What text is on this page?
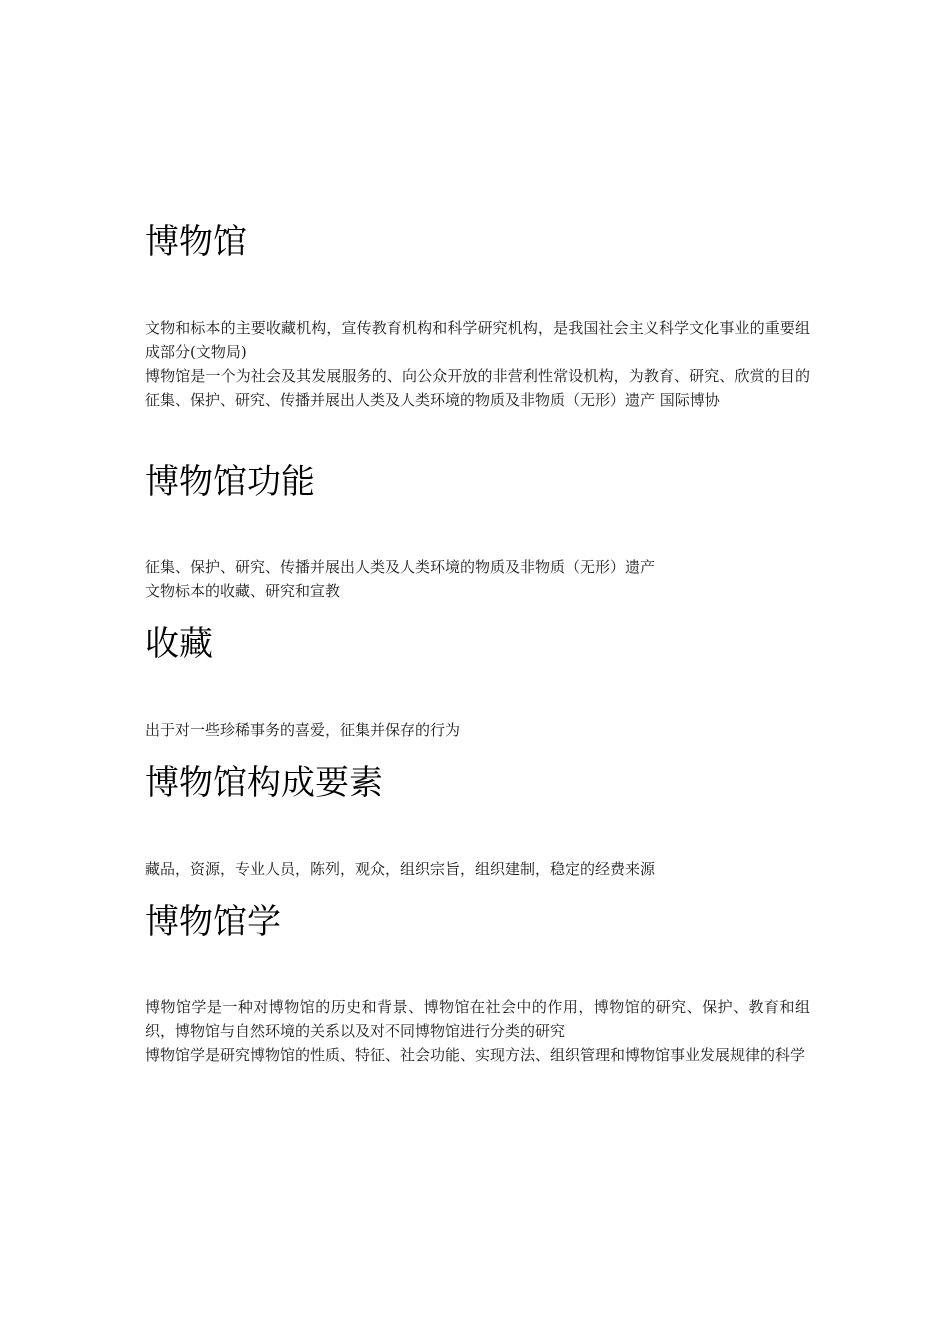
博物馆

文物和标本的主要收藏机构，宣传教育机构和科学研究机构，是我国社会主义科学文化事业的重要组成部分(文物局)

博物馆是一个为社会及其发展服务的、向公众开放的非营利性常设机构，为教育、研究、欣赏的目的征集、保护、研究、传播并展出人类及人类环境的物质及非物质（无形）遗产 国际博协

博物馆功能

征集、保护、研究、传播并展出人类及人类环境的物质及非物质（无形）遗产

文物标本的收藏、研究和宣教

收藏

出于对一些珍稀事务的喜爱，征集并保存的行为

博物馆构成要素

藏品，资源，专业人员，陈列，观众，组织宗旨，组织建制，稳定的经费来源

博物馆学

博物馆学是一种对博物馆的历史和背景、博物馆在社会中的作用，博物馆的研究、保护、教育和组织，博物馆与自然环境的关系以及对不同博物馆进行分类的研究

博物馆学是研究博物馆的性质、特征、社会功能、实现方法、组织管理和博物馆事业发展规律的科学
